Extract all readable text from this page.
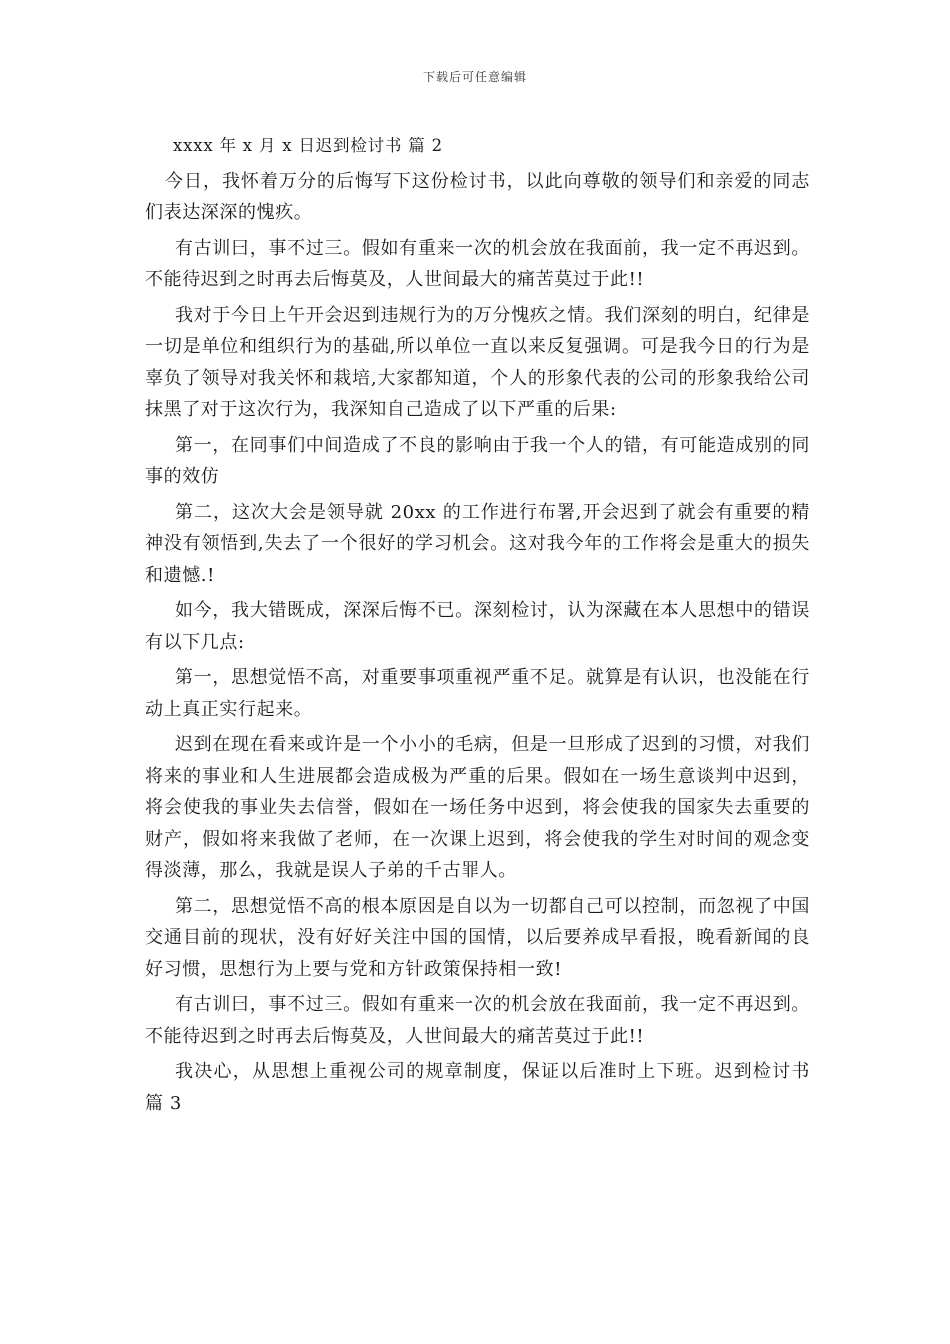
下载后可任意编辑
xxxx 年 x 月 x 日迟到检讨书 篇 2

今日，我怀着万分的后悔写下这份检讨书，以此向尊敬的领导们和亲爱的同志们表达深深的愧疚。

有古训曰，事不过三。假如有重来一次的机会放在我面前，我一定不再迟到。不能待迟到之时再去后悔莫及，人世间最大的痛苦莫过于此!!

我对于今日上午开会迟到违规行为的万分愧疚之情。我们深刻的明白，纪律是一切是单位和组织行为的基础,所以单位一直以来反复强调。可是我今日的行为是辜负了领导对我关怀和栽培,大家都知道，个人的形象代表的公司的形象我给公司抹黑了对于这次行为，我深知自己造成了以下严重的后果:

第一，在同事们中间造成了不良的影响由于我一个人的错，有可能造成别的同事的效仿

第二，这次大会是领导就 20xx 的工作进行布署,开会迟到了就会有重要的精神没有领悟到,失去了一个很好的学习机会。这对我今年的工作将会是重大的损失和遗憾.!

如今，我大错既成，深深后悔不已。深刻检讨，认为深藏在本人思想中的错误有以下几点:

第一，思想觉悟不高，对重要事项重视严重不足。就算是有认识，也没能在行动上真正实行起来。

迟到在现在看来或许是一个小小的毛病，但是一旦形成了迟到的习惯，对我们将来的事业和人生进展都会造成极为严重的后果。假如在一场生意谈判中迟到，将会使我的事业失去信誉，假如在一场任务中迟到，将会使我的国家失去重要的财产，假如将来我做了老师，在一次课上迟到，将会使我的学生对时间的观念变得淡薄，那么，我就是误人子弟的千古罪人。

第二，思想觉悟不高的根本原因是自以为一切都自己可以控制，而忽视了中国交通目前的现状，没有好好关注中国的国情，以后要养成早看报，晚看新闻的良好习惯，思想行为上要与党和方针政策保持相一致!

有古训曰，事不过三。假如有重来一次的机会放在我面前，我一定不再迟到。不能待迟到之时再去后悔莫及，人世间最大的痛苦莫过于此!!

我决心，从思想上重视公司的规章制度，保证以后准时上下班。迟到检讨书 篇 3
